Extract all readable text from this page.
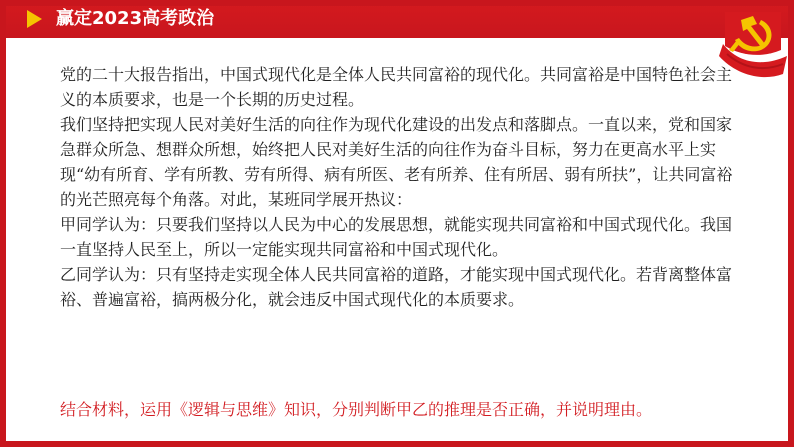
赢定2023高考政治

党的二十大报告指出，中国式现代化是全体人民共同富裕的现代化。共同富裕是中国特色社会主义的本质要求，也是一个长期的历史过程。

我们坚持把实现人民对美好生活的向往作为现代化建设的出发点和落脚点。一直以来，党和国家急群众所急、想群众所想，始终把人民对美好生活的向往作为奋斗目标，努力在更高水平上实现“幼有所育、学有所教、劳有所得、病有所医、老有所养、住有所居、弱有所扶”，让共同富裕的光芒照亮每个角落。对此，某班同学展开热议：

甲同学认为：只要我们坚持以人民为中心的发展思想，就能实现共同富裕和中国式现代化。我国一直坚持人民至上，所以一定能实现共同富裕和中国式现代化。

乙同学认为：只有坚持走实现全体人民共同富裕的道路，才能实现中国式现代化。若背离整体富裕、普遍富裕，搞两极分化，就会违反中国式现代化的本质要求。

结合材料，运用《逻辑与思维》知识，分别判断甲乙的推理是否正确，并说明理由。
